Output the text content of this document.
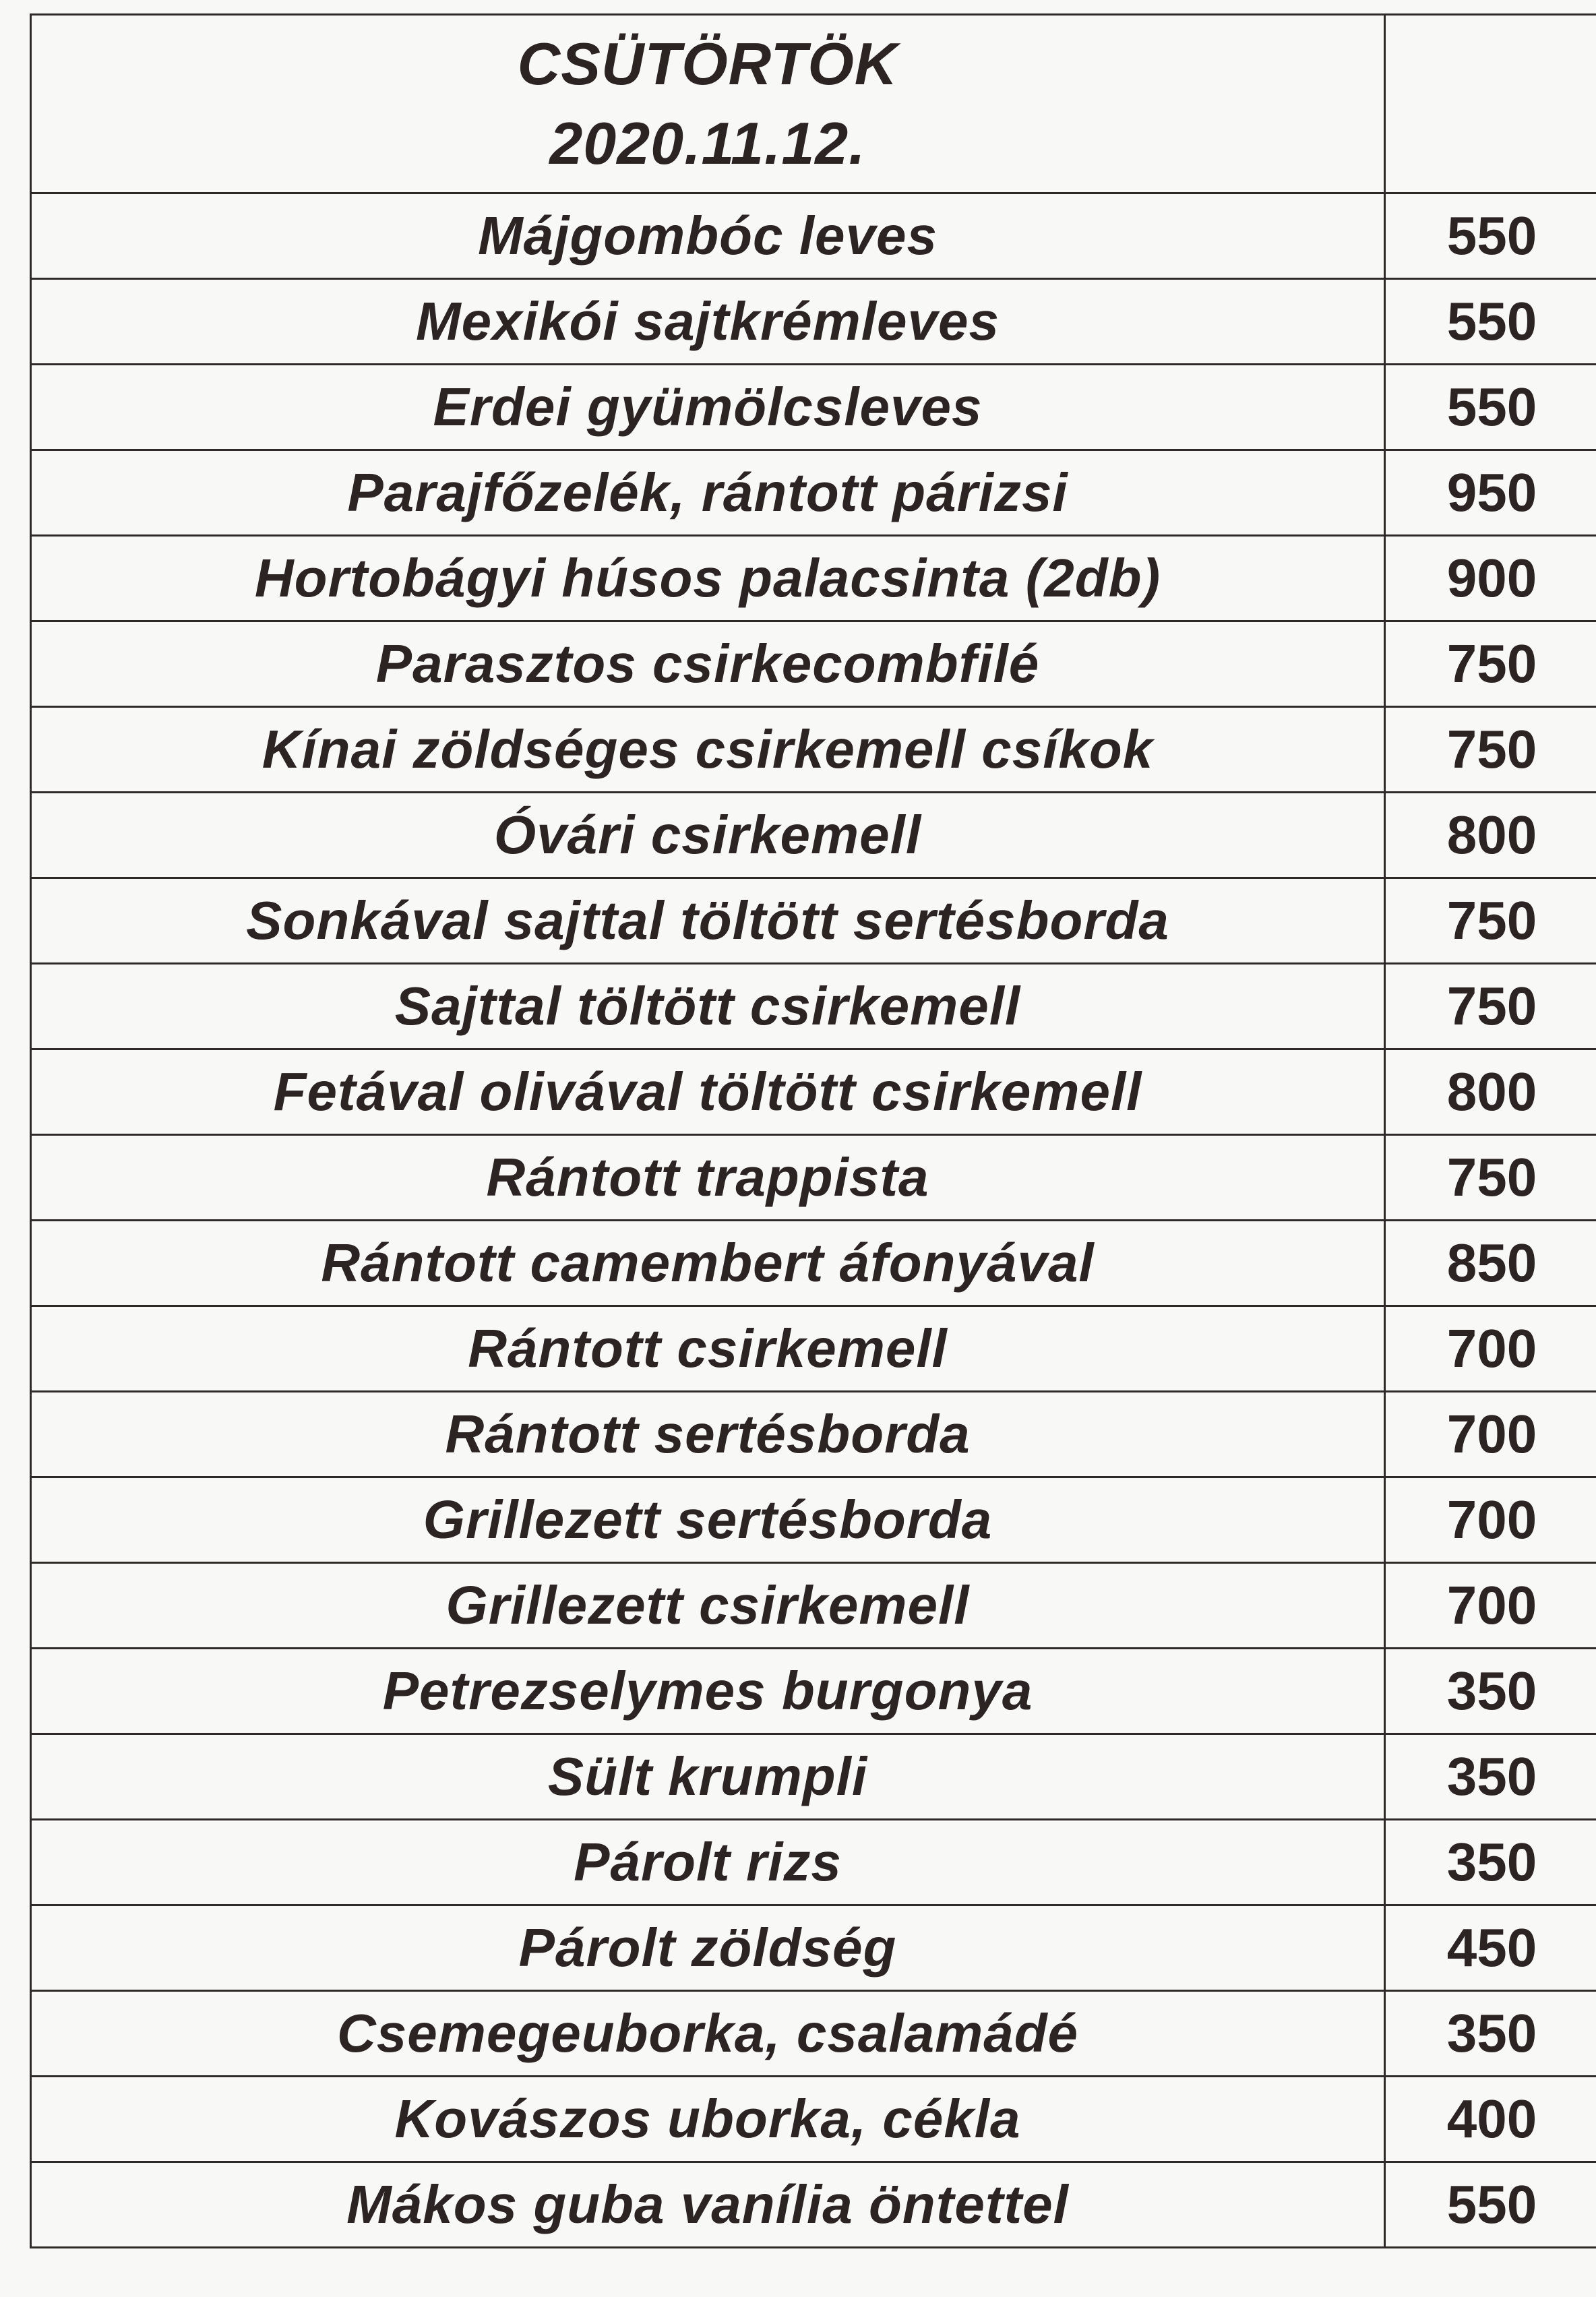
CSÜTÖRTÖK
2020.11.12.	

Májgombóc leves	550
Mexikói sajtkrémleves	550
Erdei gyümölcsleves	550
Parajfőzelék, rántott párizsi	950
Hortobágyi húsos palacsinta (2db)	900
Parasztos csirkecombfilé	750
Kínai zöldséges csirkemell csíkok	750
Óvári csirkemell	800
Sonkával sajttal töltött sertésborda	750
Sajttal töltött csirkemell	750
Fetával olivával töltött csirkemell	800
Rántott trappista	750
Rántott camembert áfonyával	850
Rántott csirkemell	700
Rántott sertésborda	700
Grillezett sertésborda	700
Grillezett csirkemell	700
Petrezselymes burgonya	350
Sült krumpli	350
Párolt rizs	350
Párolt zöldség	450
Csemegeuborka, csalamádé	350
Kovászos uborka, cékla	400
Mákos guba vanília öntettel	550
